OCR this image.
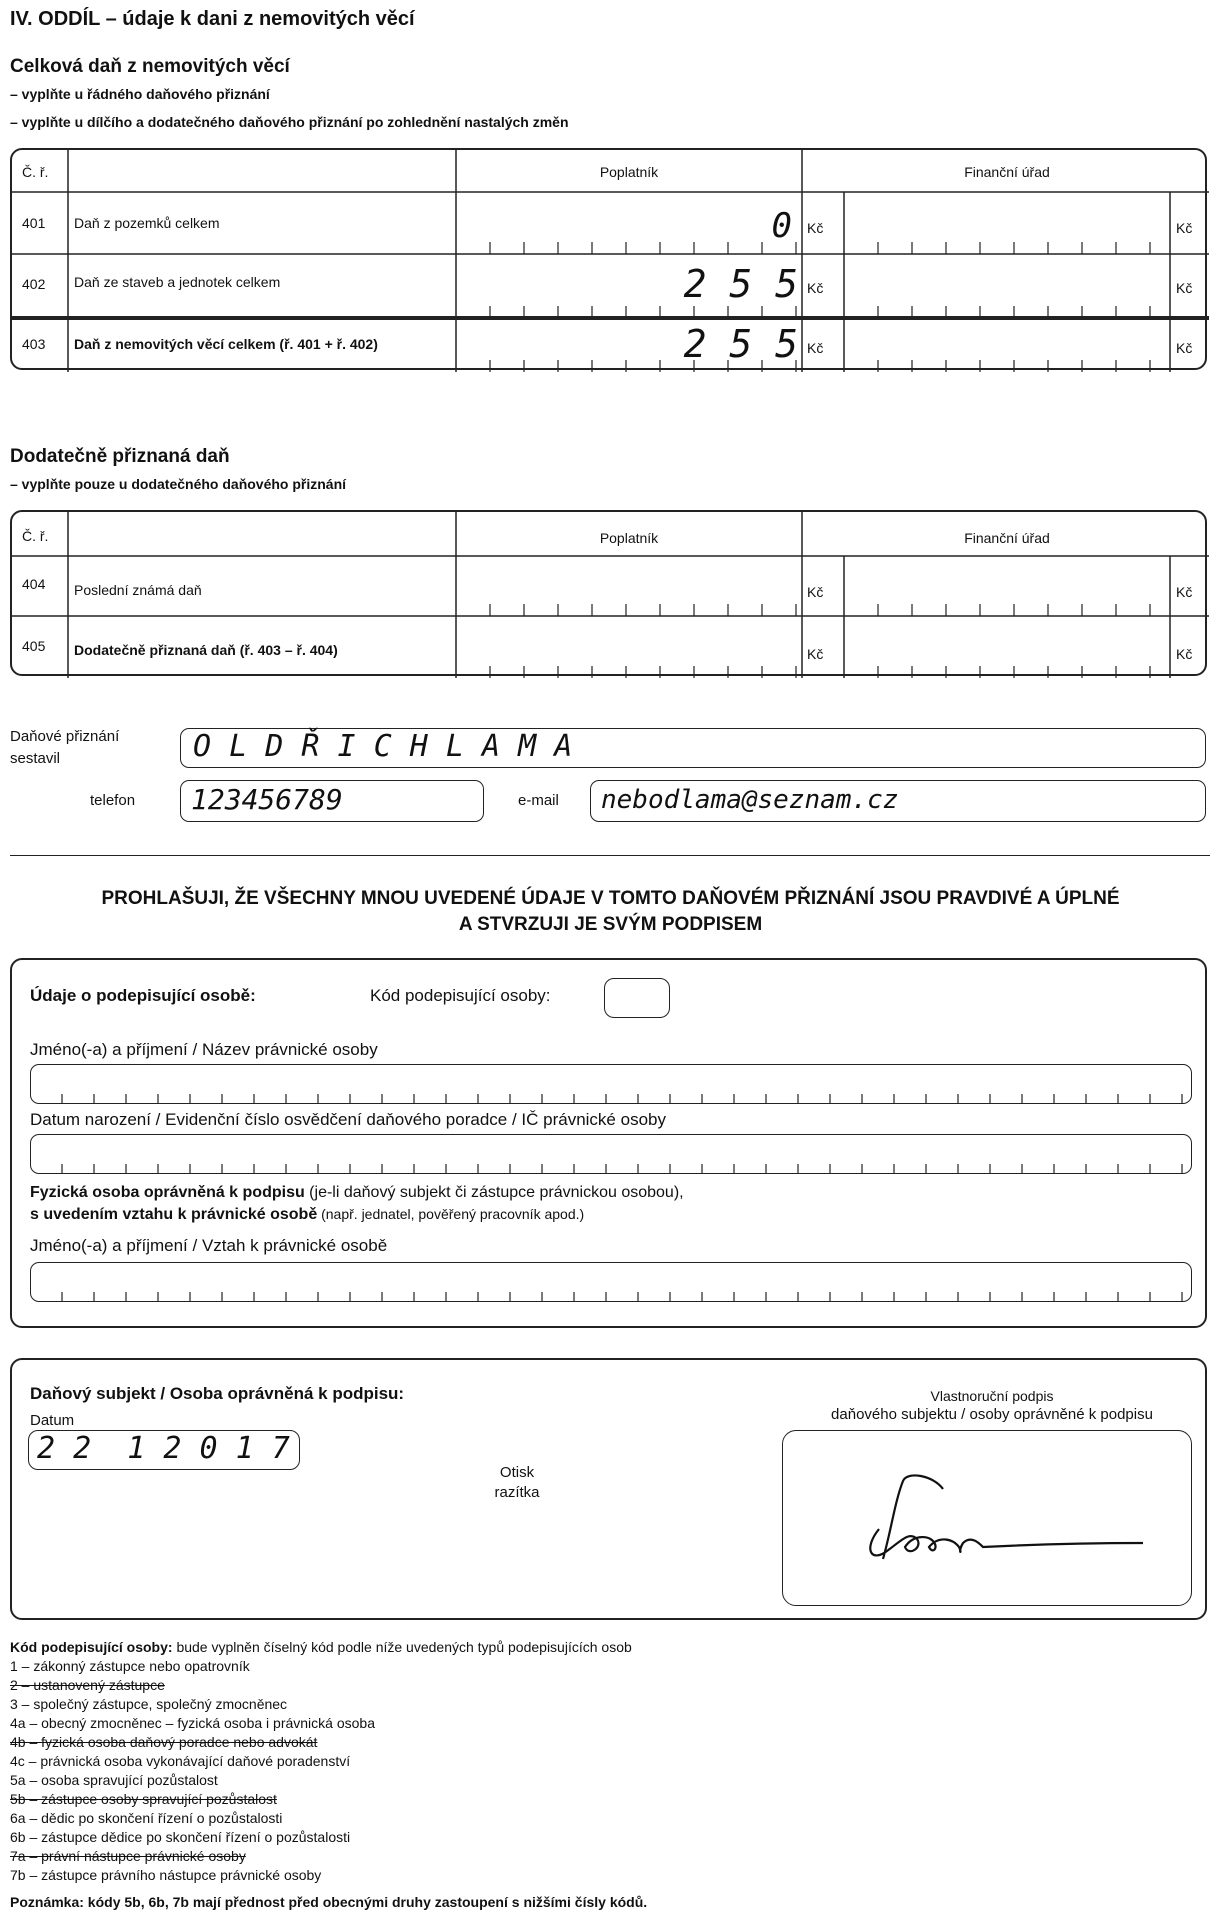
IV. ODDÍL – údaje k dani z nemovitých věcí
Celková daň z nemovitých věcí
– vyplňte u řádného daňového přiznání
– vyplňte u dílčího a dodatečného daňového přiznání po zohlednění nastalých změn
Č. ř.	Poplatník	Finanční úřad
401 Daň z pozemků celkem	0 Kč	Kč
402 Daň ze staveb a jednotek celkem	2 5 5 Kč	Kč
403 Daň z nemovitých věcí celkem (ř. 401 + ř. 402)	2 5 5 Kč	Kč
Dodatečně přiznaná daň
– vyplňte pouze u dodatečného daňového přiznání
Č. ř.	Poplatník	Finanční úřad
404 Poslední známá daň	Kč	Kč
405 Dodatečně přiznaná daň (ř. 403 – ř. 404)	Kč	Kč
Daňové přiznání
sestavil	O L D Ř I C H L A M A
telefon 123456789	e-mail nebodlama@seznam.cz
PROHLAŠUJI, ŽE VŠECHNY MNOU UVEDENÉ ÚDAJE V TOMTO DAŇOVÉM PŘIZNÁNÍ JSOU PRAVDIVÉ A ÚPLNÉ
A STVRZUJI JE SVÝM PODPISEM
Údaje o podepisující osobě:	Kód podepisující osoby:
Jméno(-a) a příjmení / Název právnické osoby
Datum narození / Evidenční číslo osvědčení daňového poradce / IČ právnické osoby
Fyzická osoba oprávněná k podpisu (je-li daňový subjekt či zástupce právnickou osobou),
s uvedením vztahu k právnické osobě (např. jednatel, pověřený pracovník apod.)
Jméno(-a) a příjmení / Vztah k právnické osobě
Daňový subjekt / Osoba oprávněná k podpisu:
Datum
2 2  1 2 0 1 7
Otisk
razítka
Vlastnoruční podpis
daňového subjektu / osoby oprávněné k podpisu
Kód podepisující osoby: bude vyplněn číselný kód podle níže uvedených typů podepisujících osob
1 – zákonný zástupce nebo opatrovník
2 – ustanovený zástupce
3 – společný zástupce, společný zmocněnec
4a – obecný zmocněnec – fyzická osoba i právnická osoba
4b – fyzická osoba daňový poradce nebo advokát
4c – právnická osoba vykonávající daňové poradenství
5a – osoba spravující pozůstalost
5b – zástupce osoby spravující pozůstalost
6a – dědic po skončení řízení o pozůstalosti
6b – zástupce dědice po skončení řízení o pozůstalosti
7a – právní nástupce právnické osoby
7b – zástupce právního nástupce právnické osoby
Poznámka: kódy 5b, 6b, 7b mají přednost před obecnými druhy zastoupení s nižšími čísly kódů.
